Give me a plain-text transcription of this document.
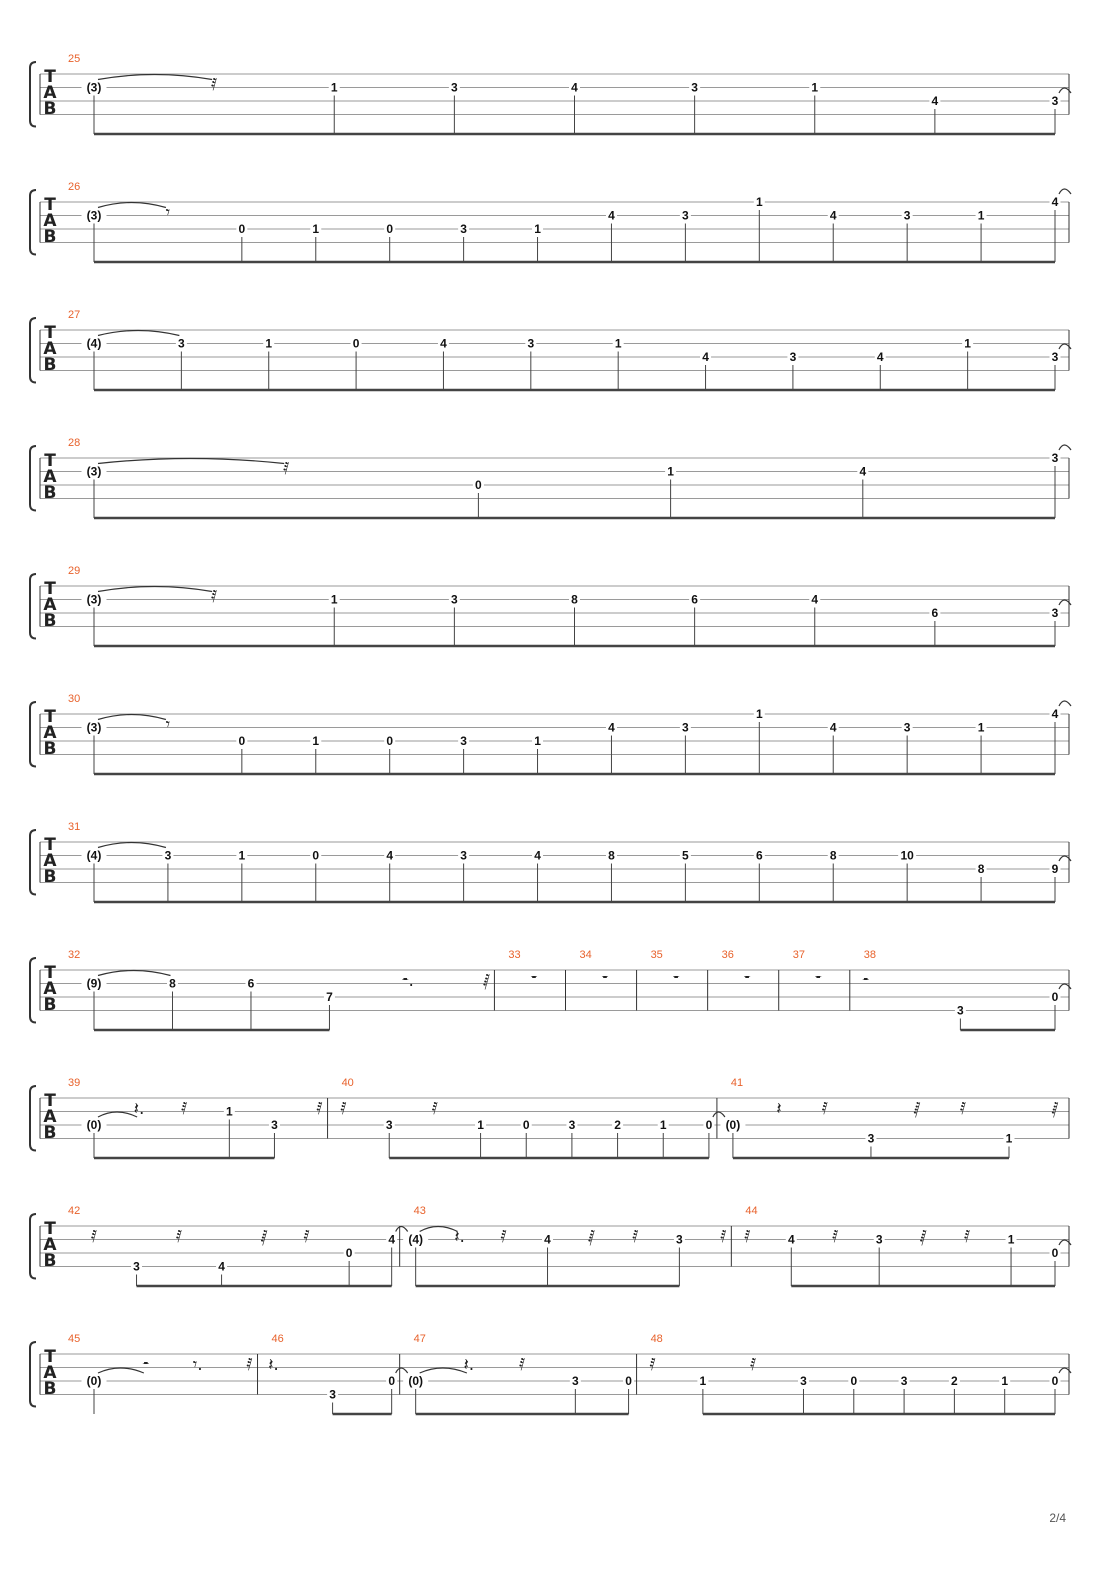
T
A
B
25
(3)	𝅀	1	3	4	3	1
4	3
T
A
B
26
(3)	𝄾
0	1	0	3	1
4	3
1
4	3	1
4
T
A
B
27
(4)	3	1	0	4	3	1
4	3	4
1
3
T
A
B
28
(3)	𝅀
0
1	4
3
T
A
B
29
(3)	𝅀	1	3	8	6	4
6	3
T
A
B
30
(3)	𝄾
0	1	0	3	1
4	3
1
4	3	1
4
T
A
B
31
(4)	3	1	0	4	3	4	8	5	6	8	10
8	9
T
A
B
32
(9)	8	6
7
𝄼.	𝅁
33
𝄻
34
𝄻
35
𝄻
36
𝄻
37
𝄻
38
𝄼
3
0
T
A
B
39
(0)
𝄽. 𝅀	1
3
𝅀
40
𝅀
3
𝅀
1	0	3	2	1	0
41
(0)
𝄽 𝅀
3
𝅁 𝅀
1
𝅁
T
A
B
42
𝅀
3
𝅀
4
𝅁 𝅀
0
4
43
(4) 𝄽. 𝅀	4 𝅁 𝅀	3 𝅀
44
𝅀	4 𝅀	3 𝅁 𝅀	1
0
T
A
B
45
(0)
𝄼	𝄾.	𝅀
46
𝄽.
3
0
47
(0)
𝄽.	𝅀
3	0
48
𝅀
1
𝅀
3	0	3	2	1	0
2/4
